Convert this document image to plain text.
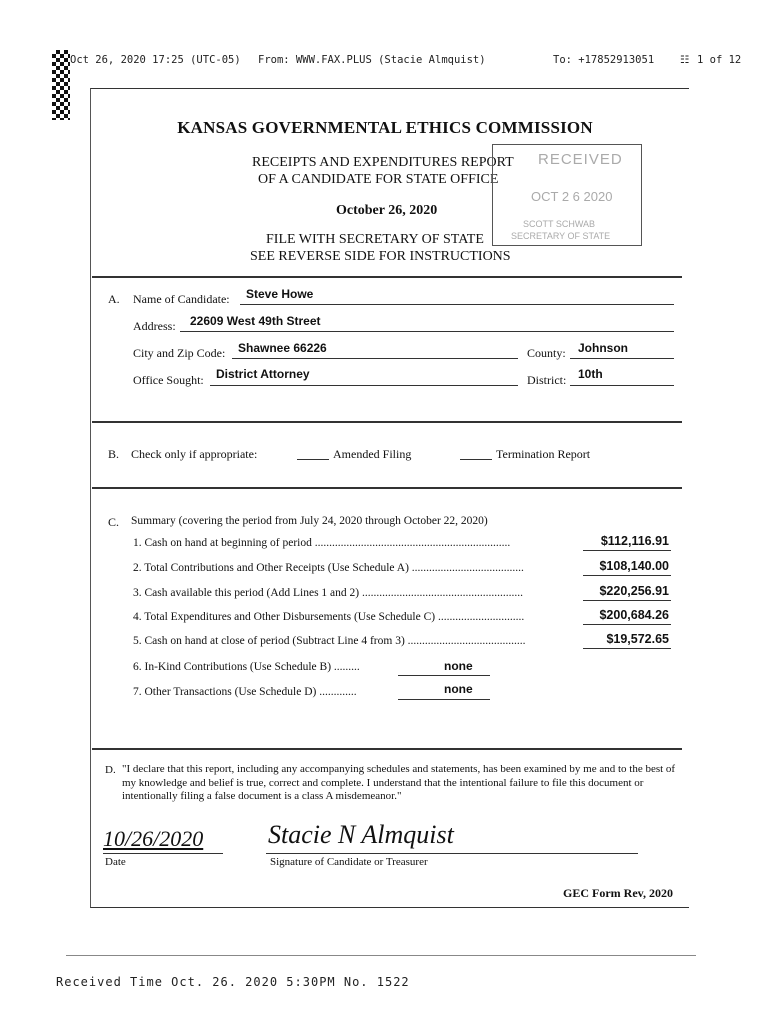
Oct 26, 2020 17:25 (UTC-05) From: WWW.FAX.PLUS (Stacie Almquist)	To: +17852913051 ☷ 1 of 12
KANSAS GOVERNMENTAL ETHICS COMMISSION
RECEIPTS AND EXPENDITURES REPORT
OF A CANDIDATE FOR STATE OFFICE
October 26, 2020
FILE WITH SECRETARY OF STATE
SEE REVERSE SIDE FOR INSTRUCTIONS
RECEIVED
OCT 2 6 2020
SCOTT SCHWAB
SECRETARY OF STATE
A. Name of Candidate: Steve Howe
Address: 22609 West 49th Street
City and Zip Code: Shawnee 66226	County: Johnson
Office Sought: District Attorney	District: 10th
B. Check only if appropriate:	Amended Filing	Termination Report
C. Summary (covering the period from July 24, 2020 through October 22, 2020)
1. Cash on hand at beginning of period ....................................................................	$112,116.91
2. Total Contributions and Other Receipts (Use Schedule A) .......................................	$108,140.00
3. Cash available this period (Add Lines 1 and 2) ........................................................	$220,256.91
4. Total Expenditures and Other Disbursements (Use Schedule C) ..............................	$200,684.26
5. Cash on hand at close of period (Subtract Line 4 from 3) .........................................	$19,572.65
6. In-Kind Contributions (Use Schedule B) .........	none
7. Other Transactions (Use Schedule D) .............	none
D. "I declare that this report, including any accompanying schedules and statements, has been examined by me and to the best of my knowledge and belief is true, correct and complete. I understand that the intentional failure to file this document or intentionally filing a false document is a class A misdemeanor."
10/26/2020
Date
Stacie N Almquist
Signature of Candidate or Treasurer
GEC Form Rev, 2020
Received Time Oct. 26. 2020 5:30PM No. 1522
